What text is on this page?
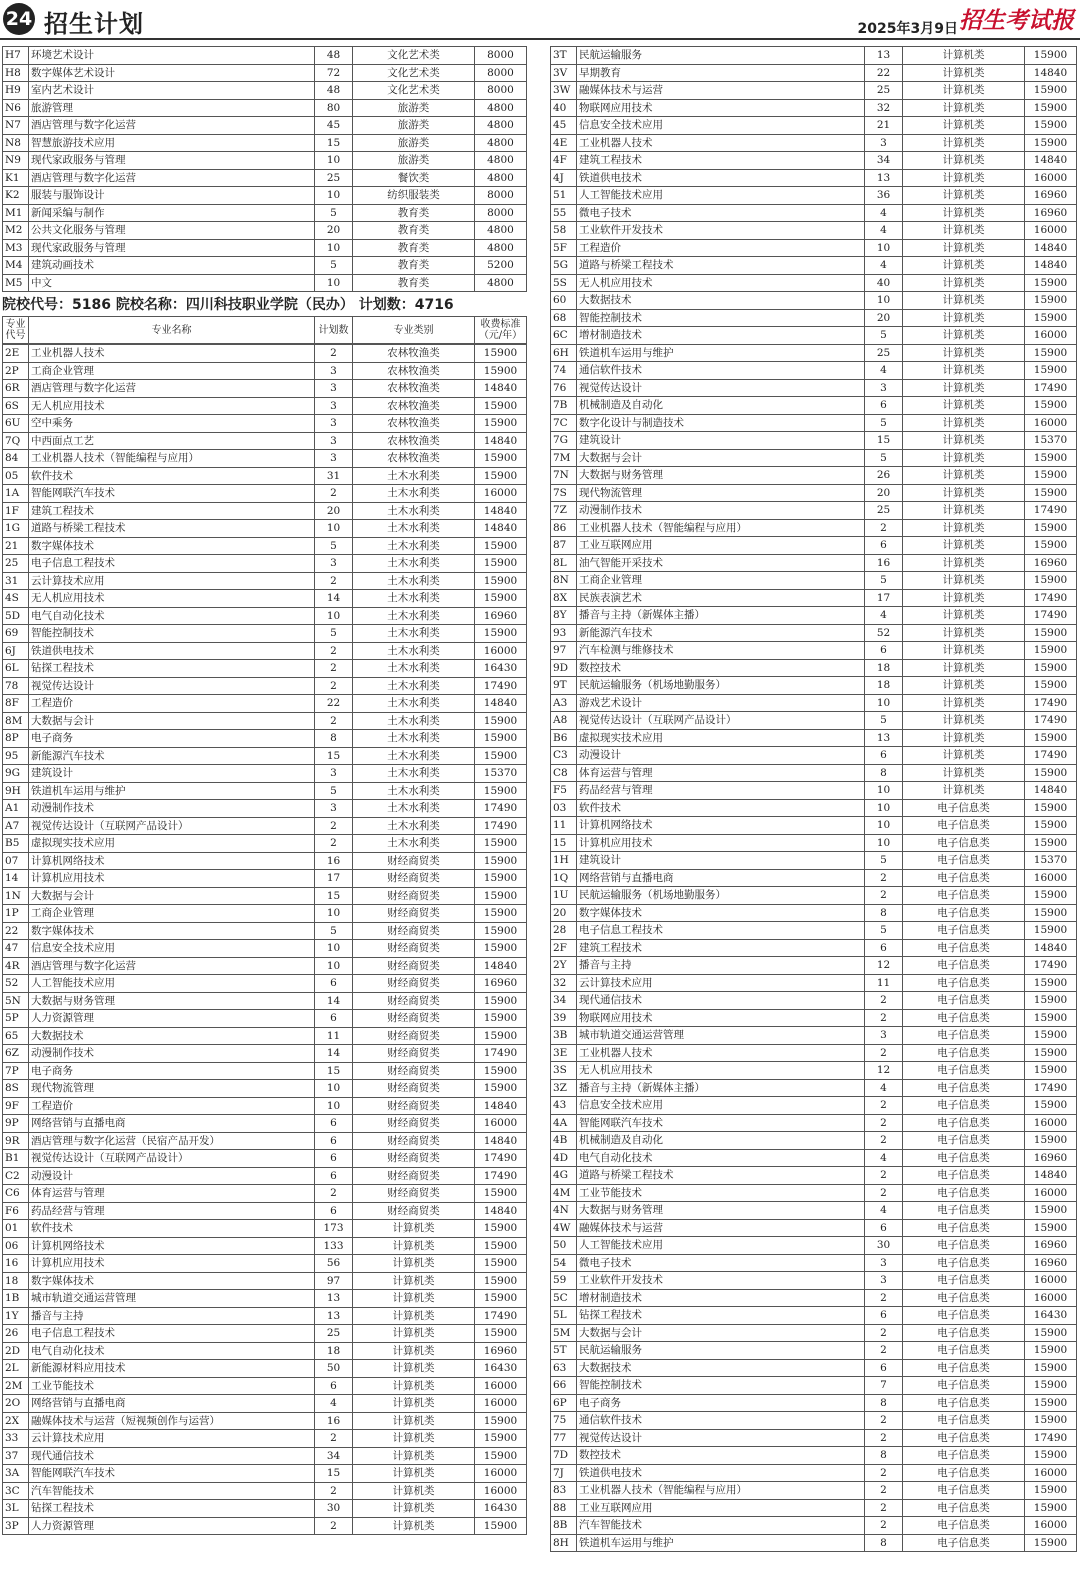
24 招生计划	2025年3月9日 招生考试报
H7	环境艺术设计	48	文化艺术类	8000
H8	数字媒体艺术设计	72	文化艺术类	8000
H9	室内艺术设计	48	文化艺术类	8000
N6	旅游管理	80	旅游类	4800
N7	酒店管理与数字化运营	45	旅游类	4800
N8	智慧旅游技术应用	15	旅游类	4800
N9	现代家政服务与管理	10	旅游类	4800
K1	酒店管理与数字化运营	25	餐饮类	4800
K2	服装与服饰设计	10	纺织服装类	8000
M1	新闻采编与制作	5	教育类	8000
M2	公共文化服务与管理	20	教育类	4800
M3	现代家政服务与管理	10	教育类	4800
M4	建筑动画技术	5	教育类	5200
M5	中文	10	教育类	4800
院校代号：5186 院校名称：四川科技职业学院（民办） 计划数：4716
专业代号	专业名称	计划数	专业类别	收费标准（元/年）
2E	工业机器人技术	2	农林牧渔类	15900
2P	工商企业管理	3	农林牧渔类	15900
6R	酒店管理与数字化运营	3	农林牧渔类	14840
6S	无人机应用技术	3	农林牧渔类	15900
6U	空中乘务	3	农林牧渔类	15900
7Q	中西面点工艺	3	农林牧渔类	14840
84	工业机器人技术（智能编程与应用）	3	农林牧渔类	15900
05	软件技术	31	土木水利类	15900
1A	智能网联汽车技术	2	土木水利类	16000
1F	建筑工程技术	20	土木水利类	14840
1G	道路与桥梁工程技术	10	土木水利类	14840
21	数字媒体技术	5	土木水利类	15900
25	电子信息工程技术	3	土木水利类	15900
31	云计算技术应用	2	土木水利类	15900
4S	无人机应用技术	14	土木水利类	15900
5D	电气自动化技术	10	土木水利类	16960
69	智能控制技术	5	土木水利类	15900
6J	铁道供电技术	2	土木水利类	16000
6L	钻探工程技术	2	土木水利类	16430
78	视觉传达设计	2	土木水利类	17490
8F	工程造价	22	土木水利类	14840
8M	大数据与会计	2	土木水利类	15900
8P	电子商务	8	土木水利类	15900
95	新能源汽车技术	15	土木水利类	15900
9G	建筑设计	3	土木水利类	15370
9H	铁道机车运用与维护	5	土木水利类	15900
A1	动漫制作技术	3	土木水利类	17490
A7	视觉传达设计（互联网产品设计）	2	土木水利类	17490
B5	虚拟现实技术应用	2	土木水利类	15900
07	计算机网络技术	16	财经商贸类	15900
14	计算机应用技术	17	财经商贸类	15900
1N	大数据与会计	15	财经商贸类	15900
1P	工商企业管理	10	财经商贸类	15900
22	数字媒体技术	5	财经商贸类	15900
47	信息安全技术应用	10	财经商贸类	15900
4R	酒店管理与数字化运营	10	财经商贸类	14840
52	人工智能技术应用	6	财经商贸类	16960
5N	大数据与财务管理	14	财经商贸类	15900
5P	人力资源管理	6	财经商贸类	15900
65	大数据技术	11	财经商贸类	15900
6Z	动漫制作技术	14	财经商贸类	17490
7P	电子商务	15	财经商贸类	15900
8S	现代物流管理	10	财经商贸类	15900
9F	工程造价	10	财经商贸类	14840
9P	网络营销与直播电商	6	财经商贸类	16000
9R	酒店管理与数字化运营（民宿产品开发）	6	财经商贸类	14840
B1	视觉传达设计（互联网产品设计）	6	财经商贸类	17490
C2	动漫设计	6	财经商贸类	17490
C6	体育运营与管理	2	财经商贸类	15900
F6	药品经营与管理	6	财经商贸类	14840
01	软件技术	173	计算机类	15900
06	计算机网络技术	133	计算机类	15900
16	计算机应用技术	56	计算机类	15900
18	数字媒体技术	97	计算机类	15900
1B	城市轨道交通运营管理	13	计算机类	15900
1Y	播音与主持	13	计算机类	17490
26	电子信息工程技术	25	计算机类	15900
2D	电气自动化技术	18	计算机类	16960
2L	新能源材料应用技术	50	计算机类	16430
2M	工业节能技术	6	计算机类	16000
2O	网络营销与直播电商	4	计算机类	16000
2X	融媒体技术与运营（短视频创作与运营）	16	计算机类	15900
33	云计算技术应用	2	计算机类	15900
37	现代通信技术	34	计算机类	15900
3A	智能网联汽车技术	15	计算机类	16000
3C	汽车智能技术	2	计算机类	16000
3L	钻探工程技术	30	计算机类	16430
3P	人力资源管理	2	计算机类	15900
3T	民航运输服务	13	计算机类	15900
3V	早期教育	22	计算机类	14840
3W	融媒体技术与运营	25	计算机类	15900
40	物联网应用技术	32	计算机类	15900
45	信息安全技术应用	21	计算机类	15900
4E	工业机器人技术	3	计算机类	15900
4F	建筑工程技术	34	计算机类	14840
4J	铁道供电技术	13	计算机类	16000
51	人工智能技术应用	36	计算机类	16960
55	微电子技术	4	计算机类	16960
58	工业软件开发技术	4	计算机类	16000
5F	工程造价	10	计算机类	14840
5G	道路与桥梁工程技术	4	计算机类	14840
5S	无人机应用技术	40	计算机类	15900
60	大数据技术	10	计算机类	15900
68	智能控制技术	20	计算机类	15900
6C	增材制造技术	5	计算机类	16000
6H	铁道机车运用与维护	25	计算机类	15900
74	通信软件技术	4	计算机类	15900
76	视觉传达设计	3	计算机类	17490
7B	机械制造及自动化	6	计算机类	15900
7C	数字化设计与制造技术	5	计算机类	16000
7G	建筑设计	15	计算机类	15370
7M	大数据与会计	5	计算机类	15900
7N	大数据与财务管理	26	计算机类	15900
7S	现代物流管理	20	计算机类	15900
7Z	动漫制作技术	25	计算机类	17490
86	工业机器人技术（智能编程与应用）	2	计算机类	15900
87	工业互联网应用	6	计算机类	15900
8L	油气智能开采技术	16	计算机类	16960
8N	工商企业管理	5	计算机类	15900
8X	民族表演艺术	17	计算机类	17490
8Y	播音与主持（新媒体主播）	4	计算机类	17490
93	新能源汽车技术	52	计算机类	15900
97	汽车检测与维修技术	6	计算机类	15900
9D	数控技术	18	计算机类	15900
9T	民航运输服务（机场地勤服务）	18	计算机类	15900
A3	游戏艺术设计	10	计算机类	17490
A8	视觉传达设计（互联网产品设计）	5	计算机类	17490
B6	虚拟现实技术应用	13	计算机类	15900
C3	动漫设计	6	计算机类	17490
C8	体育运营与管理	8	计算机类	15900
F5	药品经营与管理	10	计算机类	14840
03	软件技术	10	电子信息类	15900
11	计算机网络技术	10	电子信息类	15900
15	计算机应用技术	10	电子信息类	15900
1H	建筑设计	5	电子信息类	15370
1Q	网络营销与直播电商	2	电子信息类	16000
1U	民航运输服务（机场地勤服务）	2	电子信息类	15900
20	数字媒体技术	8	电子信息类	15900
28	电子信息工程技术	5	电子信息类	15900
2F	建筑工程技术	6	电子信息类	14840
2Y	播音与主持	12	电子信息类	17490
32	云计算技术应用	11	电子信息类	15900
34	现代通信技术	2	电子信息类	15900
39	物联网应用技术	2	电子信息类	15900
3B	城市轨道交通运营管理	3	电子信息类	15900
3E	工业机器人技术	2	电子信息类	15900
3S	无人机应用技术	12	电子信息类	15900
3Z	播音与主持（新媒体主播）	4	电子信息类	17490
43	信息安全技术应用	2	电子信息类	15900
4A	智能网联汽车技术	2	电子信息类	16000
4B	机械制造及自动化	2	电子信息类	15900
4D	电气自动化技术	4	电子信息类	16960
4G	道路与桥梁工程技术	2	电子信息类	14840
4M	工业节能技术	2	电子信息类	16000
4N	大数据与财务管理	4	电子信息类	15900
4W	融媒体技术与运营	6	电子信息类	15900
50	人工智能技术应用	30	电子信息类	16960
54	微电子技术	3	电子信息类	16960
59	工业软件开发技术	3	电子信息类	16000
5C	增材制造技术	2	电子信息类	16000
5L	钻探工程技术	6	电子信息类	16430
5M	大数据与会计	2	电子信息类	15900
5T	民航运输服务	2	电子信息类	15900
63	大数据技术	6	电子信息类	15900
66	智能控制技术	7	电子信息类	15900
6P	电子商务	8	电子信息类	15900
75	通信软件技术	2	电子信息类	15900
77	视觉传达设计	2	电子信息类	17490
7D	数控技术	8	电子信息类	15900
7J	铁道供电技术	2	电子信息类	16000
83	工业机器人技术（智能编程与应用）	2	电子信息类	15900
88	工业互联网应用	2	电子信息类	15900
8B	汽车智能技术	2	电子信息类	16000
8H	铁道机车运用与维护	8	电子信息类	15900
